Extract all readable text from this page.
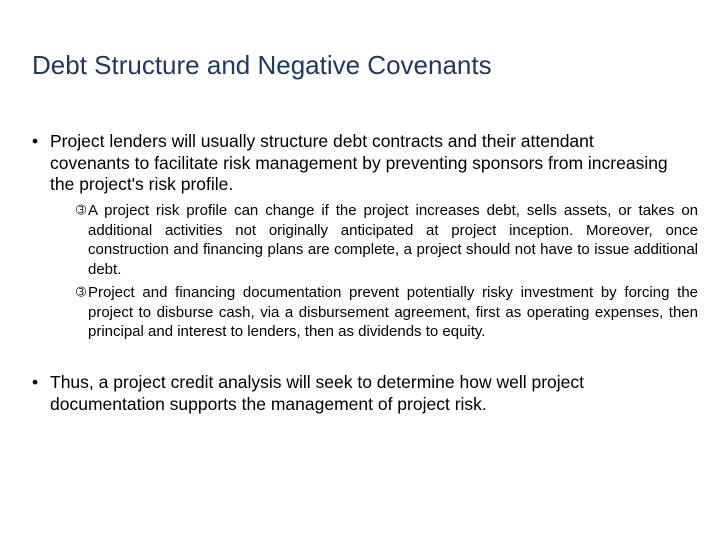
Debt Structure and Negative Covenants
• Project lenders will usually structure debt contracts and their attendant covenants to facilitate risk management by preventing sponsors from increasing the project's risk profile.
➂ A project risk profile can change if the project increases debt, sells assets, or takes on additional activities not originally anticipated at project inception. Moreover, once construction and financing plans are complete, a project should not have to issue additional debt.
➂ Project and financing documentation prevent potentially risky investment by forcing the project to disburse cash, via a disbursement agreement, first as operating expenses, then principal and interest to lenders, then as dividends to equity.
• Thus, a project credit analysis will seek to determine how well project documentation supports the management of project risk.
